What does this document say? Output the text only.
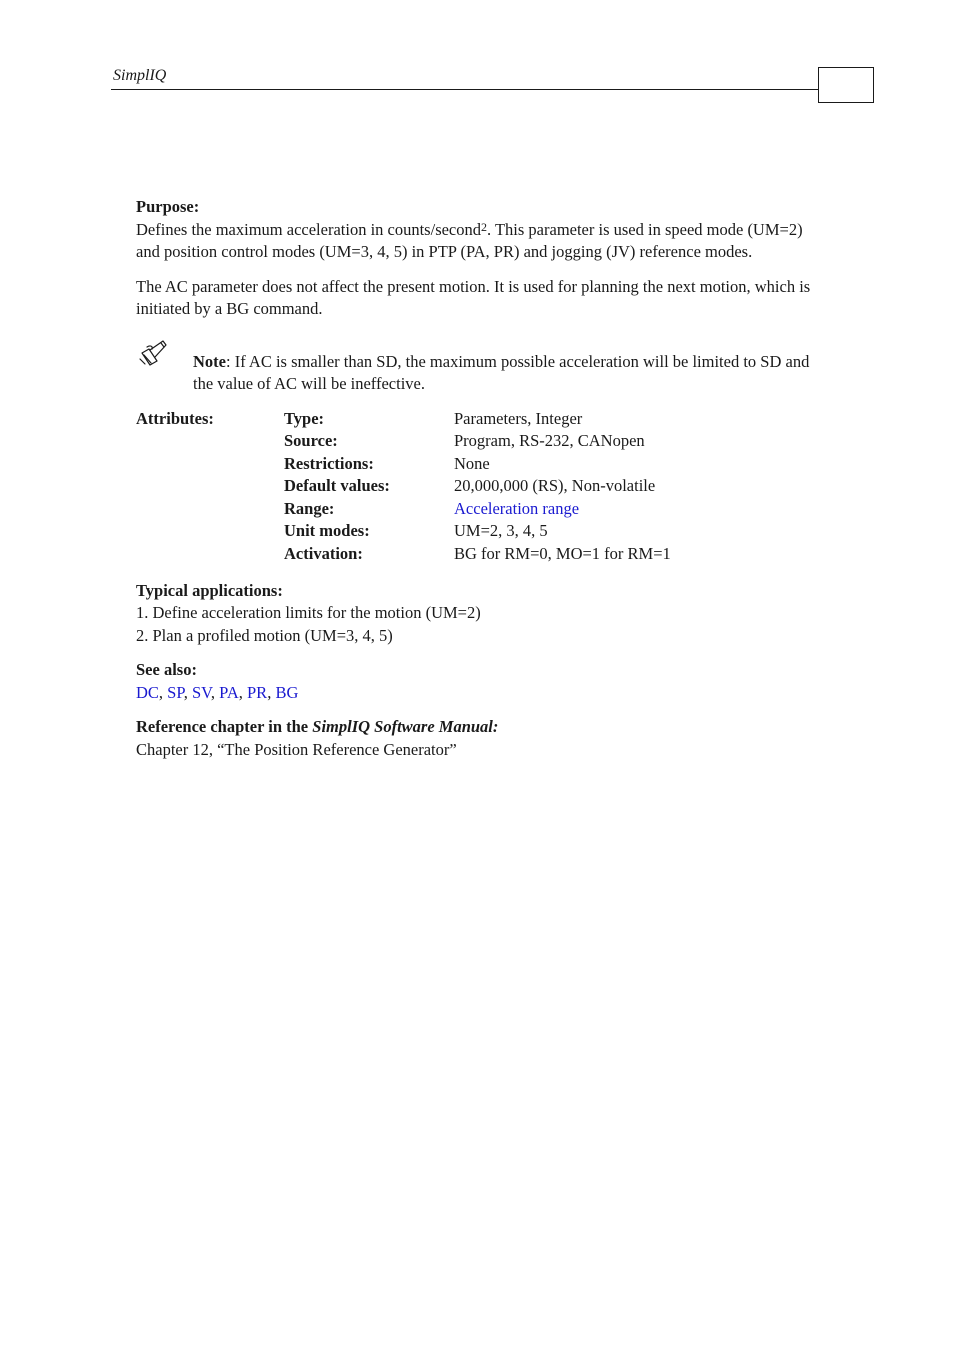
SimplIQ
Purpose:

Defines the maximum acceleration in counts/second$^2$. This parameter is used in speed mode (UM=2) and position control modes (UM=3, 4, 5) in PTP (PA, PR) and jogging (JV) reference modes.

The AC parameter does not affect the present motion. It is used for planning the next motion, which is initiated by a BG command.

Note: If AC is smaller than SD, the maximum possible acceleration will be limited to SD and the value of AC will be ineffective.

Attributes:	Type:	Parameters, Integer
Source:	Program, RS-232, CANopen
Restrictions:	None
Default values:	20,000,000 (RS), Non-volatile
Range:	Acceleration range
Unit modes:	UM=2, 3, 4, 5
Activation:	BG for RM=0, MO=1 for RM=1
Typical applications:
1. Define acceleration limits for the motion (UM=2)
2. Plan a profiled motion (UM=3, 4, 5)
See also:
DC, SP, SV, PA, PR, BG
Reference chapter in the SimplIQ Software Manual:
Chapter 12, “The Position Reference Generator”
